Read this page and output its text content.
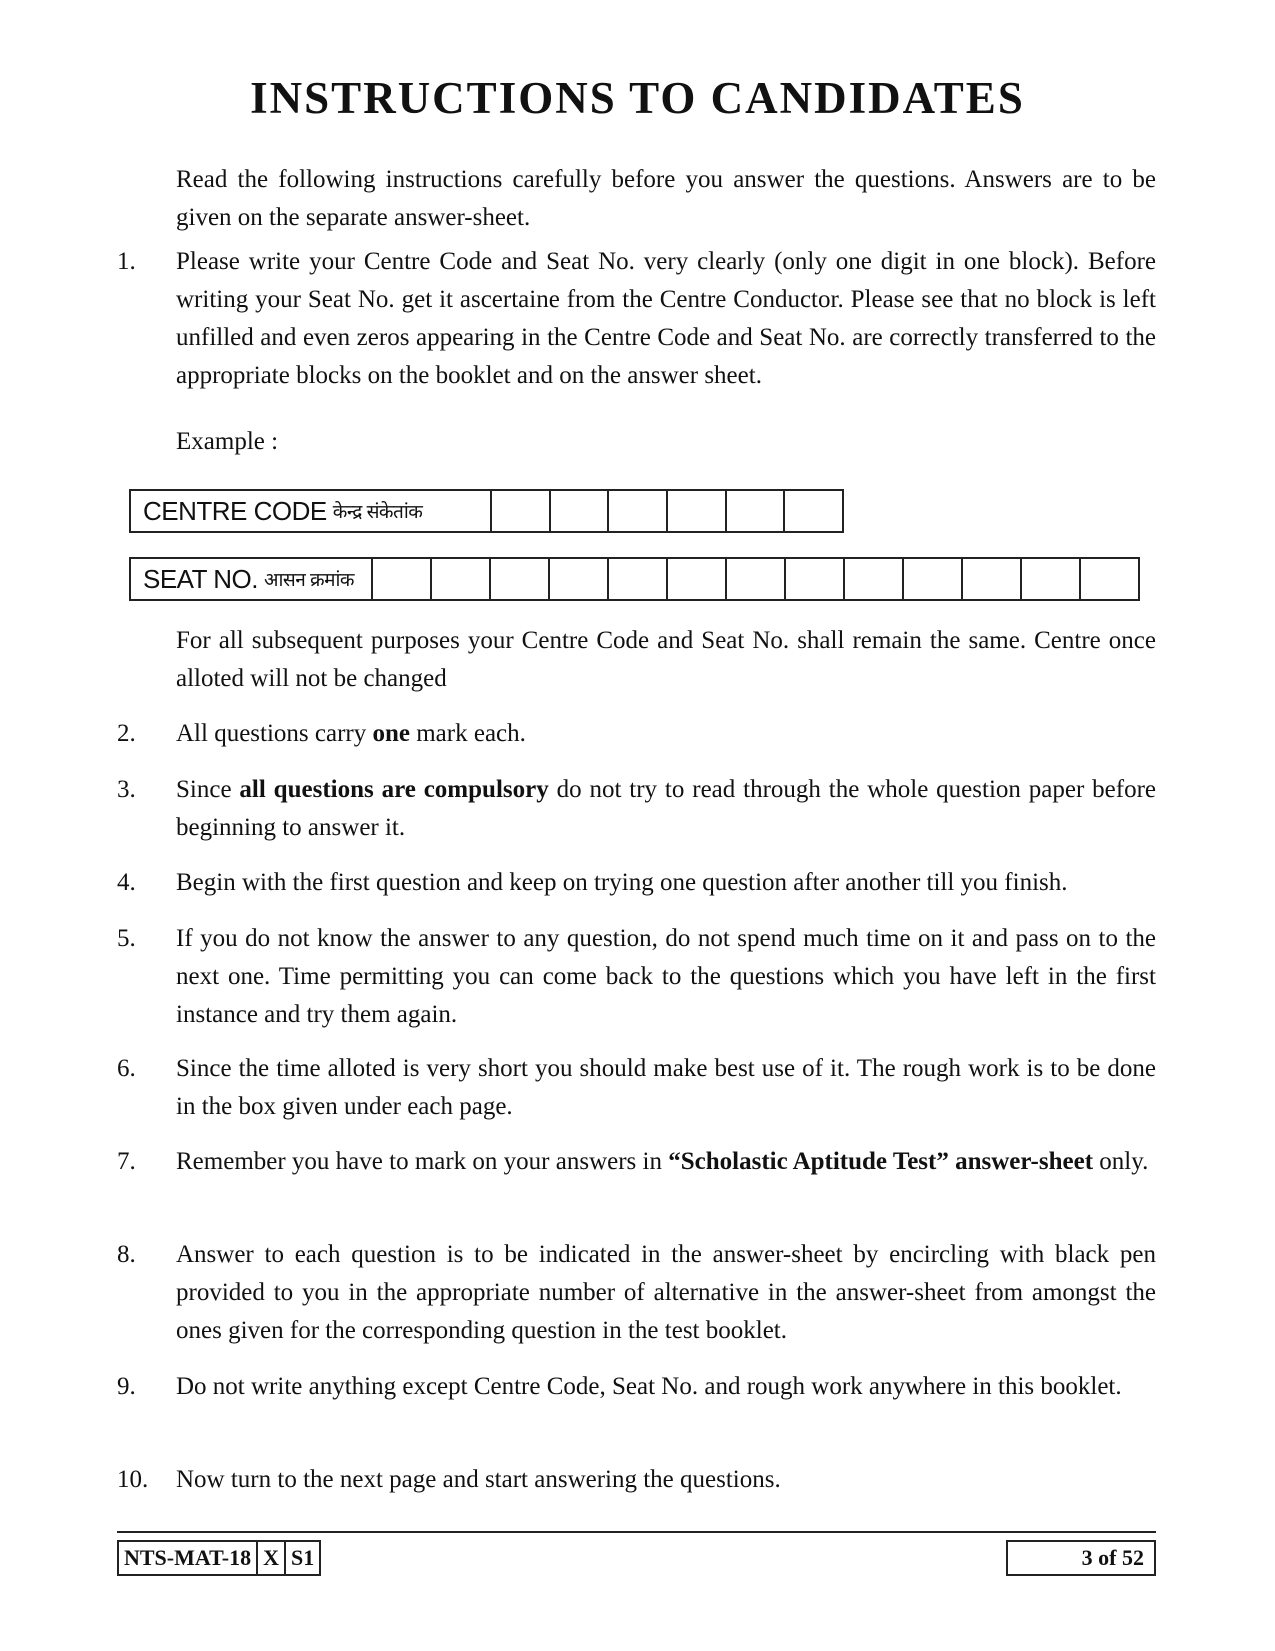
INSTRUCTIONS TO CANDIDATES
Read the following instructions carefully before you answer the questions. Answers are to be given on the separate answer-sheet.
1.	Please write your Centre Code and Seat No. very clearly (only one digit in one block). Before writing your Seat No. get it ascertaine from the Centre Conductor. Please see that no block is left unfilled and even zeros appearing in the Centre Code and Seat No. are correctly transferred to the appropriate blocks on the booklet and on the answer sheet.
Example :
CENTRE CODE केन्द्र संकेतांक
SEAT NO. आसन क्रमांक
For all subsequent purposes your Centre Code and Seat No. shall remain the same. Centre once alloted will not be changed
2.	All questions carry one mark each.
3.	Since all questions are compulsory do not try to read through the whole question paper before beginning to answer it.
4.	Begin with the first question and keep on trying one question after another till you finish.
5.	If you do not know the answer to any question, do not spend much time on it and pass on to the next one. Time permitting you can come back to the questions which you have left in the first instance and try them again.
6.	Since the time alloted is very short you should make best use of it. The rough work is to be done in the box given under each page.
7.	Remember you have to mark on your answers in “Scholastic Aptitude Test” answer-sheet only.
8.	Answer to each question is to be indicated in the answer-sheet by encircling with black pen provided to you in the appropriate number of alternative in the answer-sheet from amongst the ones given for the corresponding question in the test booklet.
9.	Do not write anything except Centre Code, Seat No. and rough work anywhere in this booklet.
10.	Now turn to the next page and start answering the questions.
NTS-MAT-18 X S1	3 of 52
